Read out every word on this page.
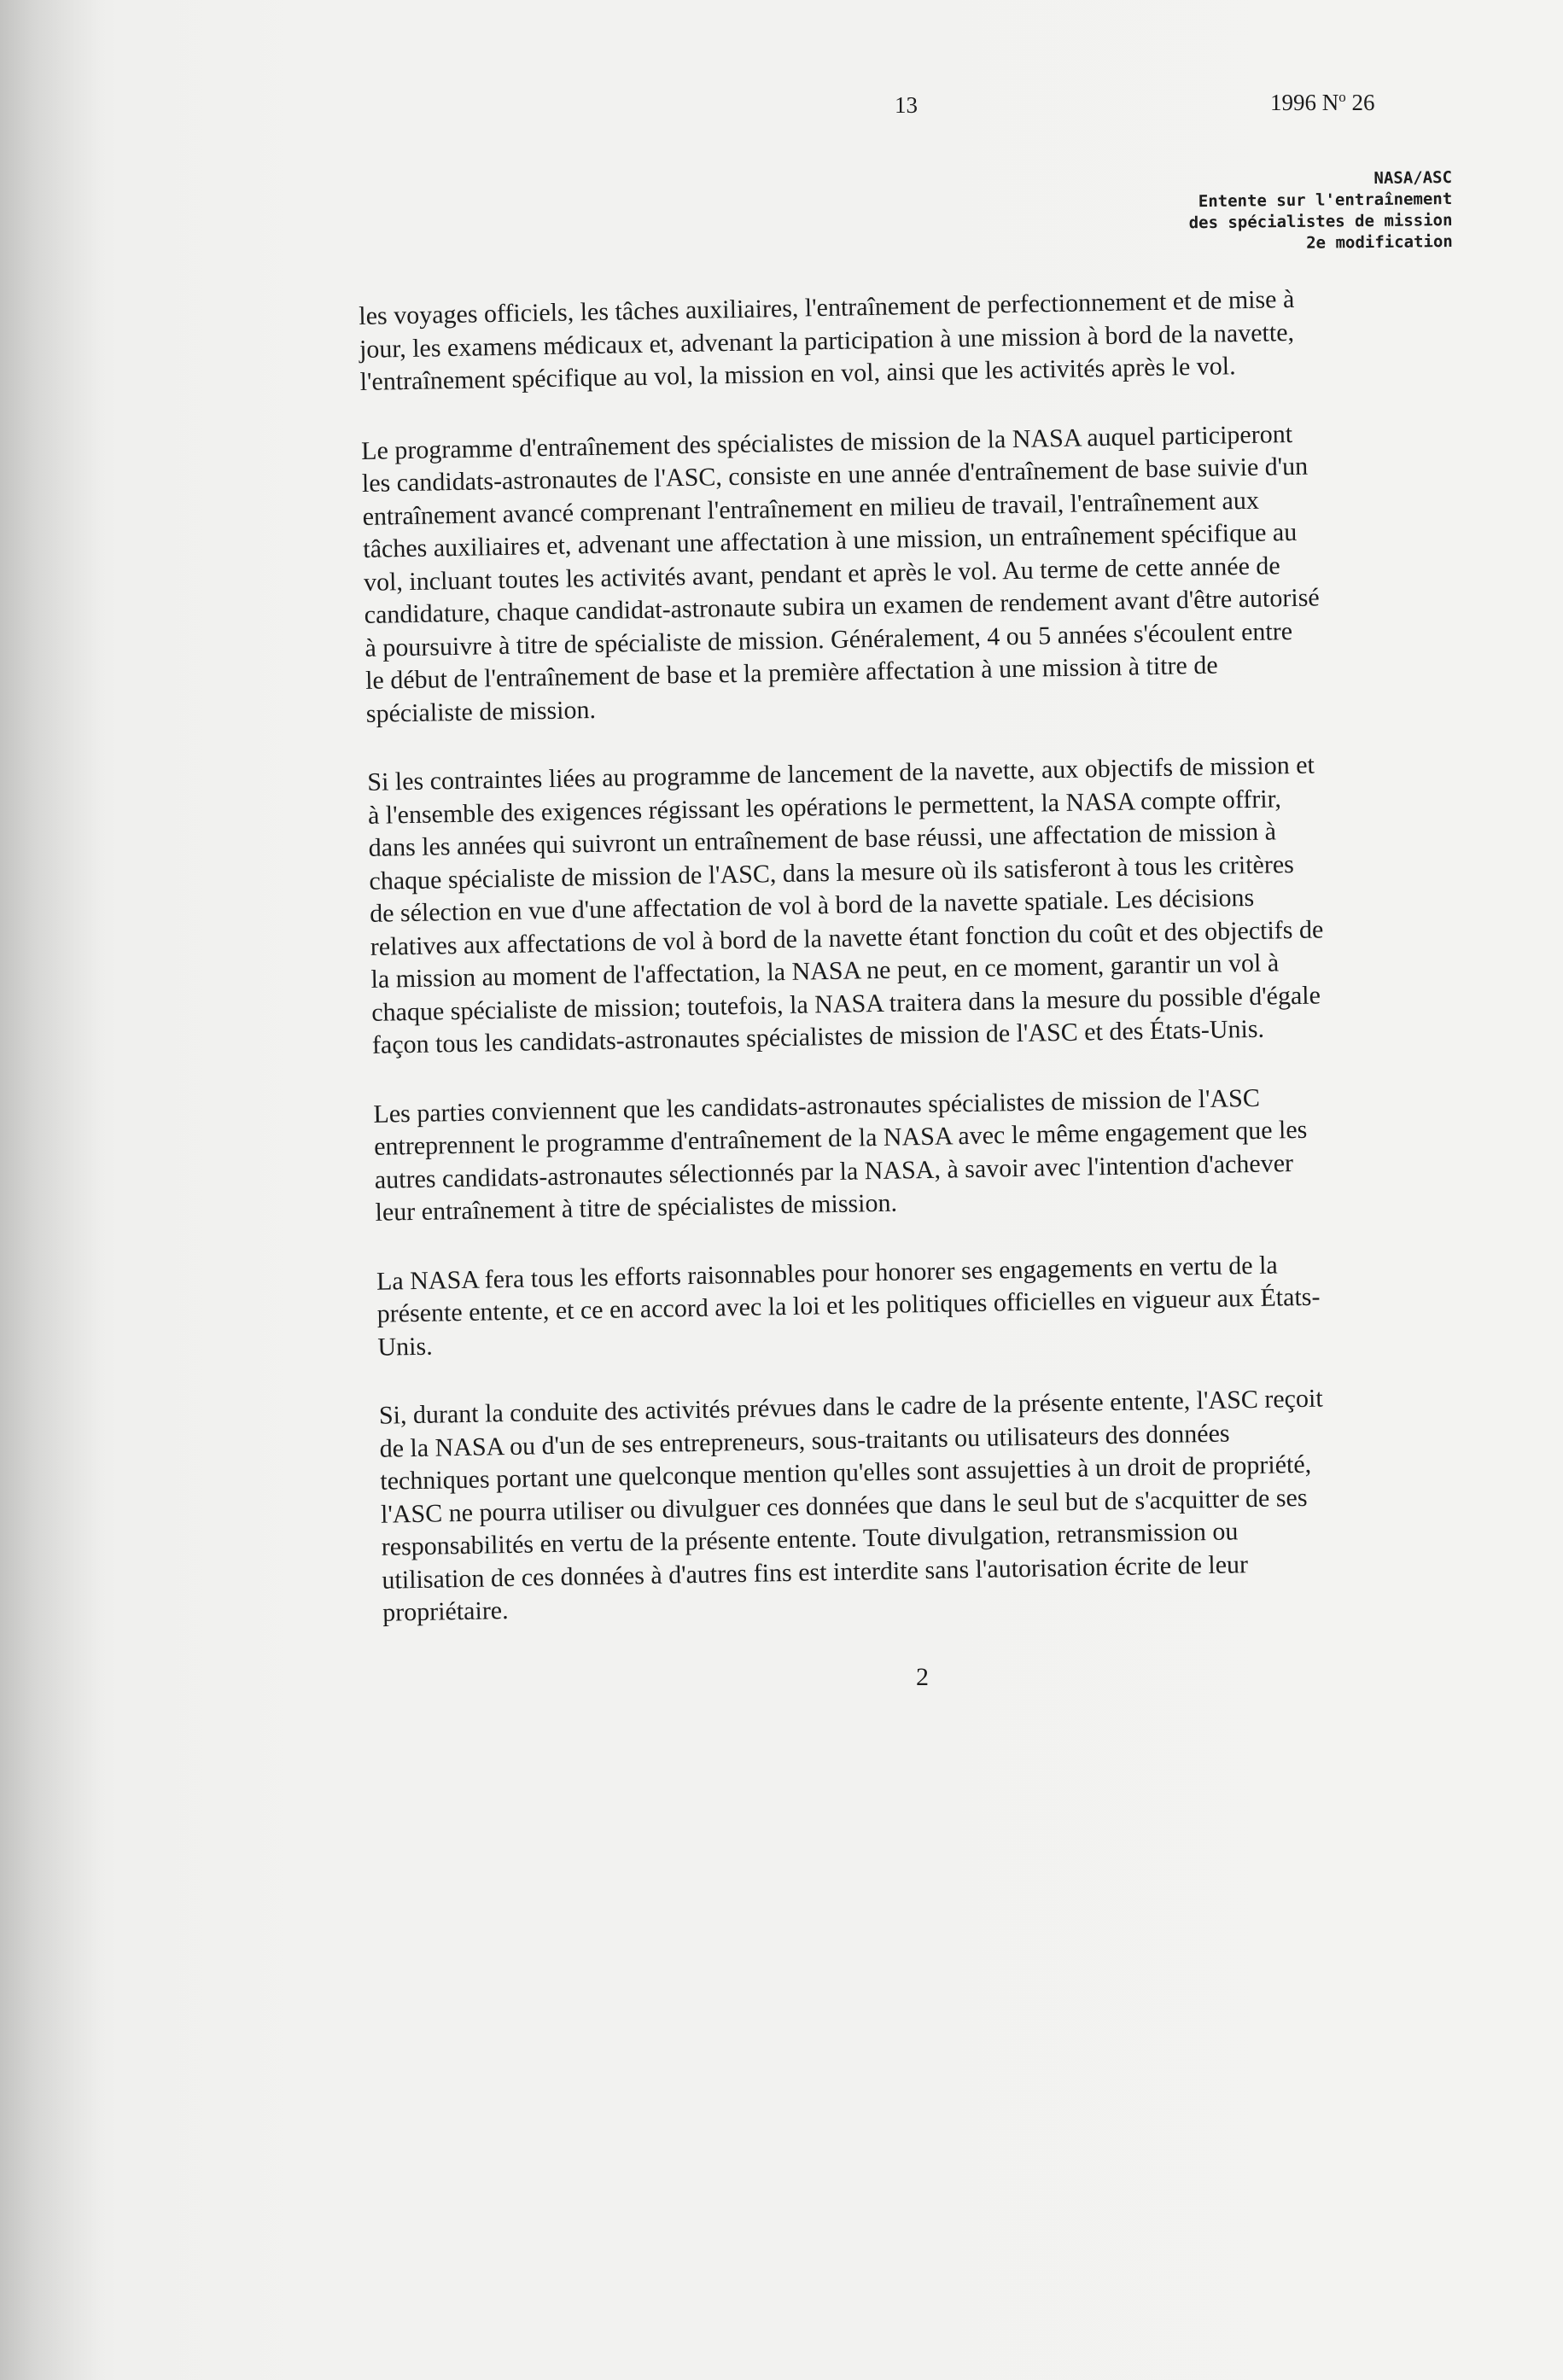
13	1996 $N^o$ 26
NASA/ASC
Entente sur l'entraînement
des spécialistes de mission
2e modification

les voyages officiels, les tâches auxiliaires, l'entraînement de perfectionnement et de mise à
jour, les examens médicaux et, advenant la participation à une mission à bord de la navette,
l'entraînement spécifique au vol, la mission en vol, ainsi que les activités après le vol.

Le programme d'entraînement des spécialistes de mission de la NASA auquel participeront
les candidats-astronautes de l'ASC, consiste en une année d'entraînement de base suivie d'un
entraînement avancé comprenant l'entraînement en milieu de travail, l'entraînement aux
tâches auxiliaires et, advenant une affectation à une mission, un entraînement spécifique au
vol, incluant toutes les activités avant, pendant et après le vol. Au terme de cette année de
candidature, chaque candidat-astronaute subira un examen de rendement avant d'être autorisé
à poursuivre à titre de spécialiste de mission. Généralement, 4 ou 5 années s'écoulent entre
le début de l'entraînement de base et la première affectation à une mission à titre de
spécialiste de mission.

Si les contraintes liées au programme de lancement de la navette, aux objectifs de mission et
à l'ensemble des exigences régissant les opérations le permettent, la NASA compte offrir,
dans les années qui suivront un entraînement de base réussi, une affectation de mission à
chaque spécialiste de mission de l'ASC, dans la mesure où ils satisferont à tous les critères
de sélection en vue d'une affectation de vol à bord de la navette spatiale. Les décisions
relatives aux affectations de vol à bord de la navette étant fonction du coût et des objectifs de
la mission au moment de l'affectation, la NASA ne peut, en ce moment, garantir un vol à
chaque spécialiste de mission; toutefois, la NASA traitera dans la mesure du possible d'égale
façon tous les candidats-astronautes spécialistes de mission de l'ASC et des États-Unis.

Les parties conviennent que les candidats-astronautes spécialistes de mission de l'ASC
entreprennent le programme d'entraînement de la NASA avec le même engagement que les
autres candidats-astronautes sélectionnés par la NASA, à savoir avec l'intention d'achever
leur entraînement à titre de spécialistes de mission.

La NASA fera tous les efforts raisonnables pour honorer ses engagements en vertu de la
présente entente, et ce en accord avec la loi et les politiques officielles en vigueur aux États-
Unis.

Si, durant la conduite des activités prévues dans le cadre de la présente entente, l'ASC reçoit
de la NASA ou d'un de ses entrepreneurs, sous-traitants ou utilisateurs des données
techniques portant une quelconque mention qu'elles sont assujetties à un droit de propriété,
l'ASC ne pourra utiliser ou divulguer ces données que dans le seul but de s'acquitter de ses
responsabilités en vertu de la présente entente. Toute divulgation, retransmission ou
utilisation de ces données à d'autres fins est interdite sans l'autorisation écrite de leur
propriétaire.

2
